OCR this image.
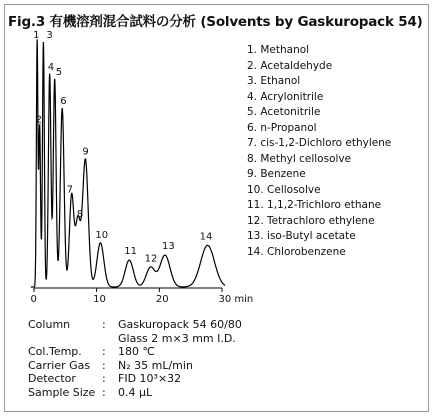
Fig.3 有機溶剤混合試料の分析 (Solvents by Gaskuropack 54)
0	10	20	30 min
1
2
3
4 5
6
7
8
9
10
11
12
13
14
1. Methanol
2. Acetaldehyde
3. Ethanol
4. Acrylonitrile
5. Acetonitrile
6. n-Propanol
7. cis-1,2-Dichloro ethylene
8. Methyl cellosolve
9. Benzene
10. Cellosolve
11. 1,1,2-Trichloro ethane
12. Tetrachloro ethylene
13. iso-Butyl acetate
14. Chlorobenzene
Column	:	Gaskuropack 54 60/80
Glass 2 m×3 mm I.D.
Col.Temp.	:	180 ℃
Carrier Gas	:	N₂ 35 mL/min
Detector	:	FID 10³×32
Sample Size :	0.4 μL
